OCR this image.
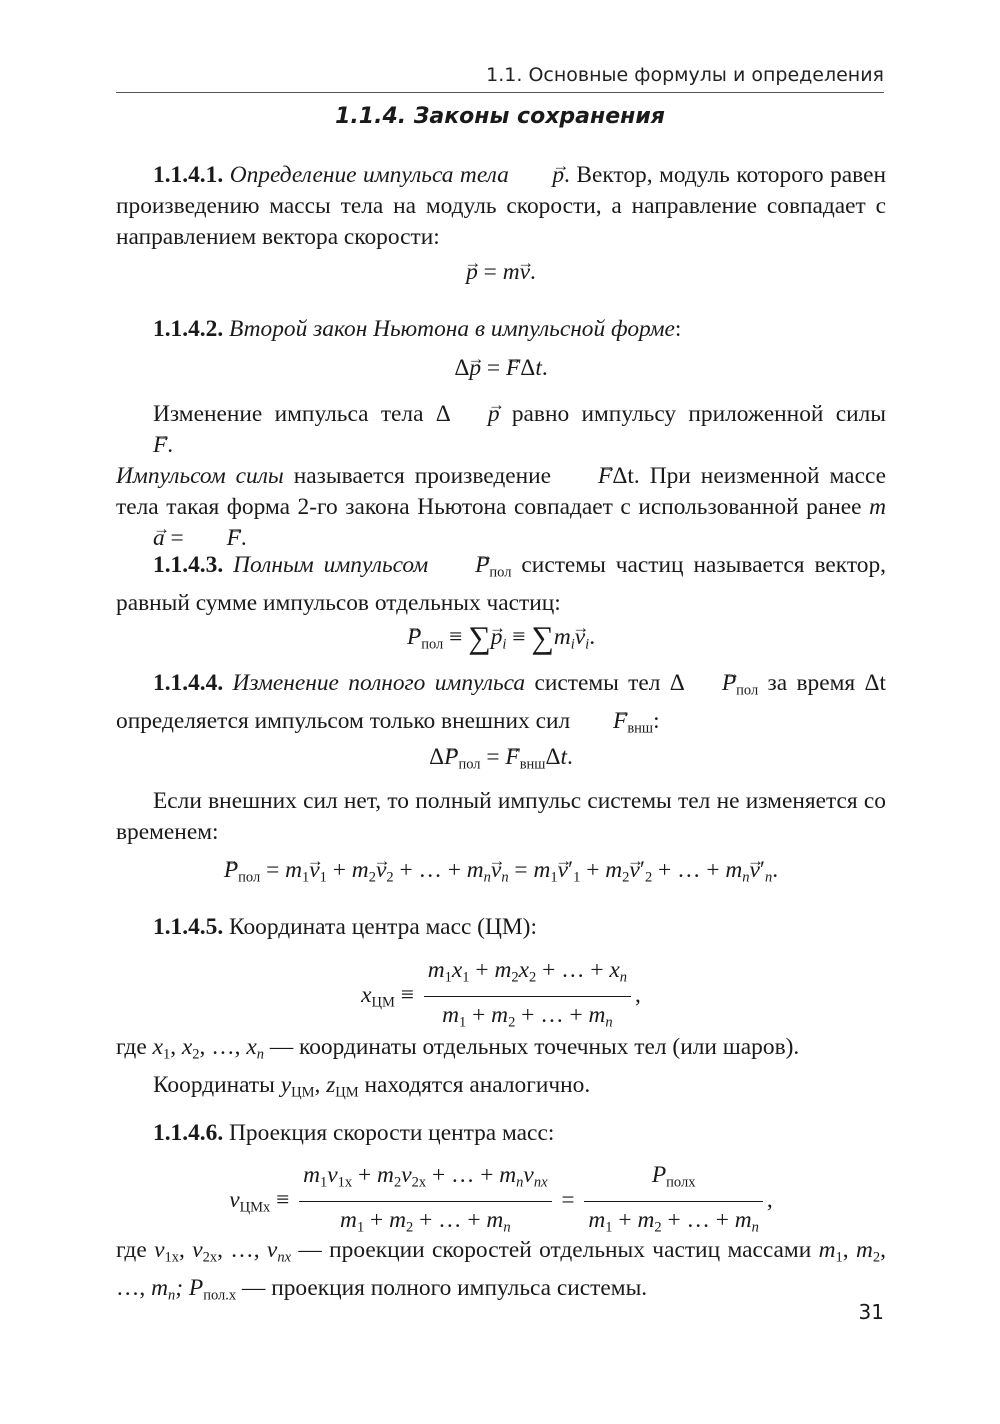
1.1. Основные формулы и определения
1.1.4. Законы сохранения
1.1.4.1. Определение импульса тела → p. Вектор, модуль которого равен произведению массы тела на модуль скорости, а направление совпадает с направлением вектора скорости:
→ p = m→ v.
1.1.4.2. Второй закон Ньютона в импульсной форме:
Δ→ p = → FΔt.
Изменение импульса тела Δ → p равно импульсу приложенной силы → F.
Импульсом силы называется произведение → FΔt. При неизменной массе тела такая форма 2-го закона Ньютона совпадает с использованной ранее m→ a = → F.
1.1.4.3. Полным импульсом → $P_{пол}$ системы частиц называется вектор, равный сумме импульсов отдельных частиц:
→ $P_{пол}$ ≡ ∑→ pi ≡ ∑mi→ vi.
1.1.4.4. Изменение полного импульса системы тел $\Delta \to P_{пол}$ за время Δt определяется импульсом только внешних сил → $F_{внш}$:
$\Delta\to P_{пол}$ = → $F_{внш}\Delta t$.
Если внешних сил нет, то полный импульс системы тел не изменяется со временем:
→ $P_{пол} = m_1\to v_1 + m_2\to v_2$ + … + mn→ vn = $m_1\to v'_1 + m_2\to v'_2$ + … + mn→ v′n.
1.1.4.5. Координата центра масс (ЦМ):
$x_{ЦМ} \equiv \frac{m_1x_1 + m_2x_2 + \dots + xn}{m_1 + m_2 + \dots + mn}$ ,
где $x_1$, $x_2$, …, xn — координаты отдельных точечных тел (или шаров).
Координаты $y_{ЦМ}$, $z_{ЦМ}$ находятся аналогично.
1.1.4.6. Проекция скорости центра масс:
$v_{ЦМx} \equiv \frac{m_1v_{1x} + m_2v_{2x} + \dots + mnvnx}{m_1 + m_2 + \dots + mn} = \frac{P_{полx}}{m_1 + m_2 + \dots + mn}$ ,
где $v_{1x}$, $v_{2x}$, …, vnx — проекции скоростей отдельных частиц массами $m_1$, $m_2$, …, mn; $P_{пол.x}$ — проекция полного импульса системы.
31
